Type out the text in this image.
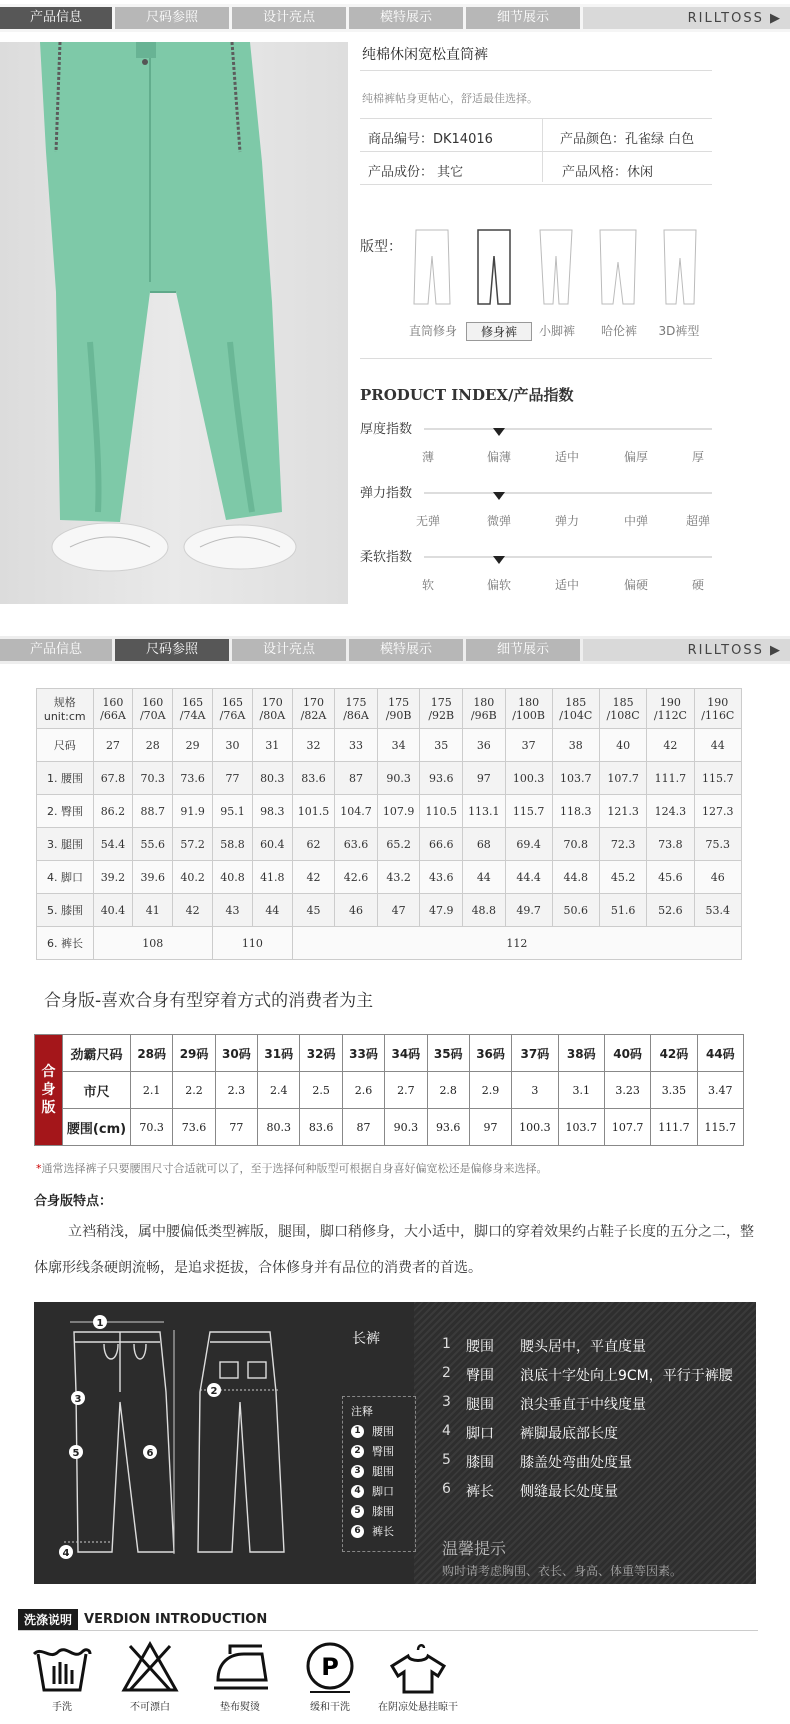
产品信息	尺码参照	设计亮点	模特展示	细节展示	RILLTOSS ▶
纯棉休闲宽松直筒裤
纯棉裤帖身更帖心，舒适最佳选择。
商品编号：DK14016	产品颜色：孔雀绿 白色
产品成份： 其它	产品风格：休闲
版型：
直筒修身	修身裤	小脚裤	哈伦裤	3D裤型
PRODUCT INDEX/产品指数
厚度指数
薄	偏薄	适中	偏厚	厚
弹力指数
无弹	微弹	弹力	中弹	超弹
柔软指数
软	偏软	适中	偏硬	硬
产品信息	尺码参照	设计亮点	模特展示	细节展示	RILLTOSS ▶
规格 unit:cm	160 /66A	160 /70A	165 /74A	165 /76A	170 /80A	170 /82A	175 /86A	175 /90B	175 /92B	180 /96B	180 /100B	185 /104C	185 /108C	190 /112C	190 /116C
尺码	27	28	29	30	31	32	33	34	35	36	37	38	40	42	44
1. 腰围	67.8	70.3	73.6	77	80.3	83.6	87	90.3	93.6	97	100.3	103.7	107.7	111.7	115.7
2. 臀围	86.2	88.7	91.9	95.1	98.3	101.5	104.7	107.9	110.5	113.1	115.7	118.3	121.3	124.3	127.3
3. 腿围	54.4	55.6	57.2	58.8	60.4	62	63.6	65.2	66.6	68	69.4	70.8	72.3	73.8	75.3
4. 脚口	39.2	39.6	40.2	40.8	41.8	42	42.6	43.2	43.6	44	44.4	44.8	45.2	45.6	46
5. 膝围	40.4	41	42	43	44	45	46	47	47.9	48.8	49.7	50.6	51.6	52.6	53.4
6. 裤长	108			110		112									
合身版-喜欢合身有型穿着方式的消费者为主
合身版	劲霸尺码	28码	29码	30码	31码	32码	33码	34码	35码	36码	37码	38码	40码	42码	44码
	市尺	2.1	2.2	2.3	2.4	2.5	2.6	2.7	2.8	2.9	3	3.1	3.23	3.35	3.47
	腰围(cm)	70.3	73.6	77	80.3	83.6	87	90.3	93.6	97	100.3	103.7	107.7	111.7	115.7
*通常选择裤子只要腰围尺寸合适就可以了，至于选择何种版型可根据自身喜好偏宽松还是偏修身来选择。
合身版特点：
立裆稍浅，属中腰偏低类型裤版，腿围，脚口稍修身，大小适中，脚口的穿着效果约占鞋子长度的五分之二，整体廓形线条硬朗流畅，是追求挺拔，合体修身并有品位的消费者的首选。
1
2
3
4
5	6
长裤
注释
1	腰围
2	臀围
3	腿围
4	脚口
5	膝围
6	裤长
1	腰围	腰头居中，平直度量
2	臀围	浪底十字处向上9CM，平行于裤腰
3	腿围	浪尖垂直于中线度量
4	脚口	裤脚最底部长度
5	膝围	膝盖处弯曲处度量
6	裤长	侧缝最长处度量
温馨提示
购时请考虑胸围、衣长、身高、体重等因素。
洗涤说明 VERDION INTRODUCTION
手洗	不可漂白	垫布熨烫
P
缓和干洗	在阴凉处悬挂晾干
